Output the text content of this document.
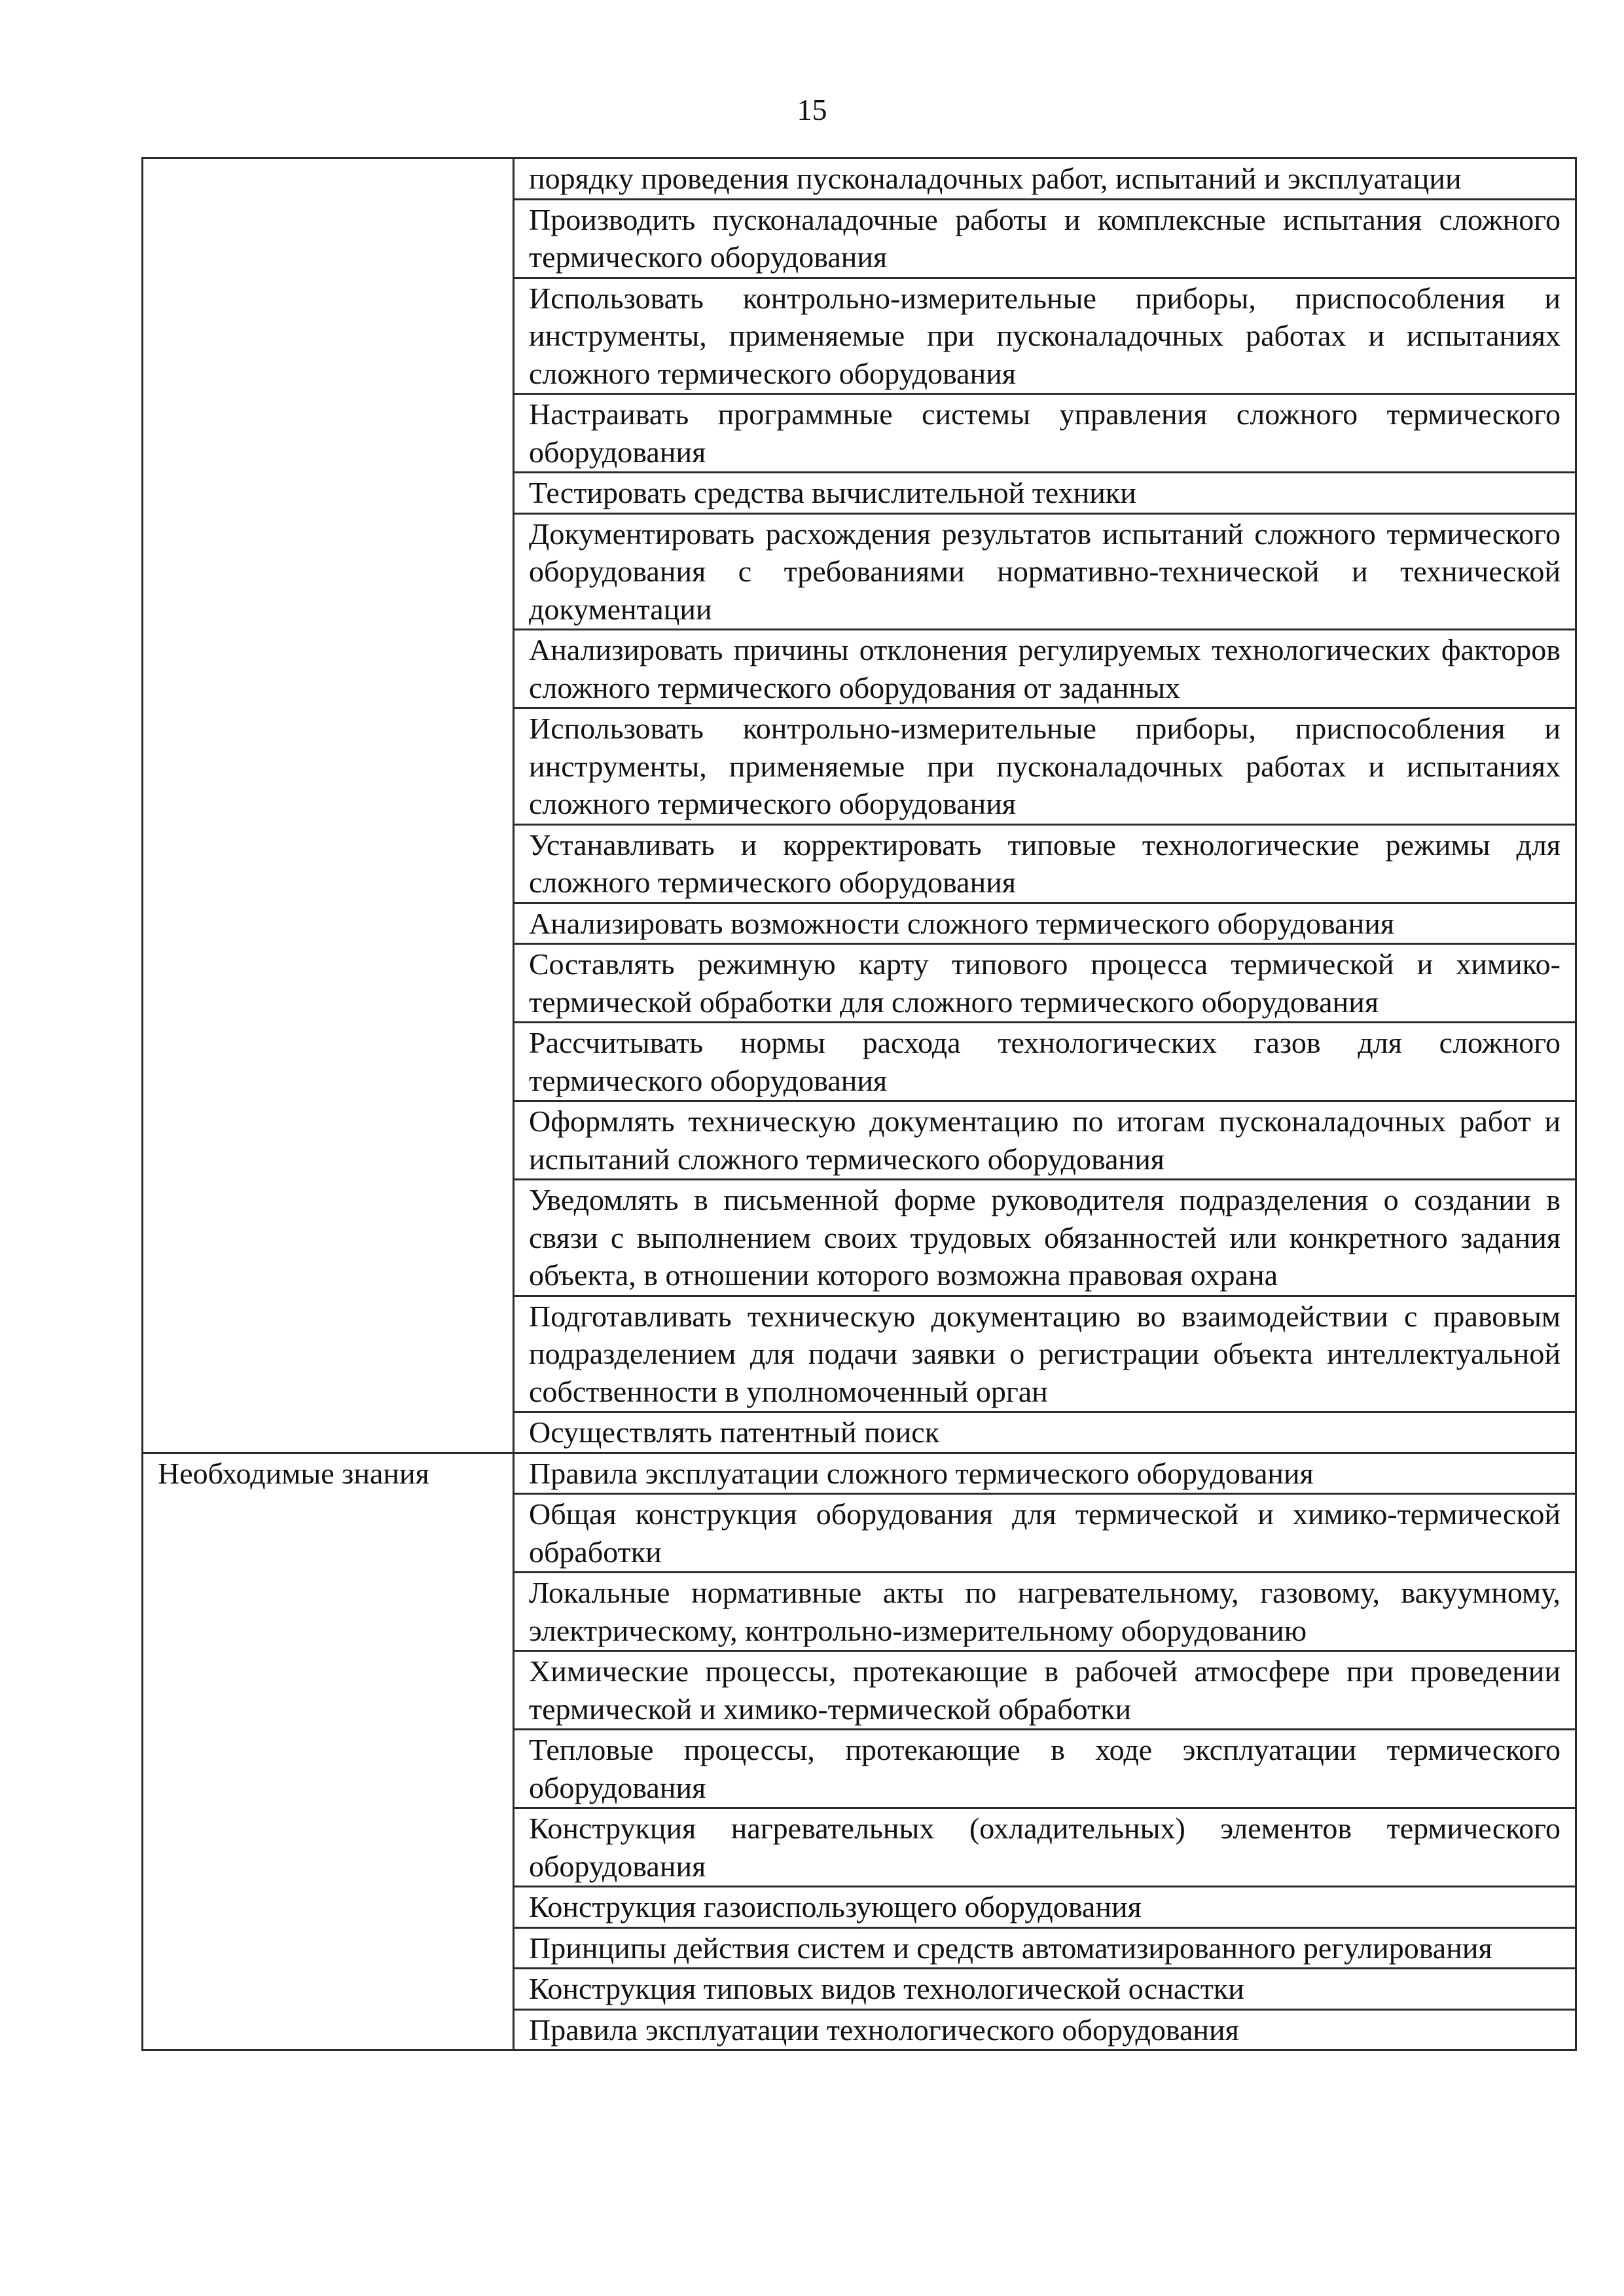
15
	порядку проведения пусконаладочных работ, испытаний и эксплуатации
	Производить пусконаладочные работы и комплексные испытания сложного термического оборудования
	Использовать контрольно-измерительные приборы, приспособления и инструменты, применяемые при пусконаладочных работах и испытаниях сложного термического оборудования
	Настраивать программные системы управления сложного термического оборудования
	Тестировать средства вычислительной техники
	Документировать расхождения результатов испытаний сложного термического оборудования с требованиями нормативно-технической и технической документации
	Анализировать причины отклонения регулируемых технологических факторов сложного термического оборудования от заданных
	Использовать контрольно-измерительные приборы, приспособления и инструменты, применяемые при пусконаладочных работах и испытаниях сложного термического оборудования
	Устанавливать и корректировать типовые технологические режимы для сложного термического оборудования
	Анализировать возможности сложного термического оборудования
	Составлять режимную карту типового процесса термической и химико-термической обработки для сложного термического оборудования
	Рассчитывать нормы расхода технологических газов для сложного термического оборудования
	Оформлять техническую документацию по итогам пусконаладочных работ и испытаний сложного термического оборудования
	Уведомлять в письменной форме руководителя подразделения о создании в связи с выполнением своих трудовых обязанностей или конкретного задания объекта, в отношении которого возможна правовая охрана
	Подготавливать техническую документацию во взаимодействии с правовым подразделением для подачи заявки о регистрации объекта интеллектуальной собственности в уполномоченный орган
	Осуществлять патентный поиск
Необходимые знания	Правила эксплуатации сложного термического оборудования
	Общая конструкция оборудования для термической и химико-термической обработки
	Локальные нормативные акты по нагревательному, газовому, вакуумному, электрическому, контрольно-измерительному оборудованию
	Химические процессы, протекающие в рабочей атмосфере при проведении термической и химико-термической обработки
	Тепловые процессы, протекающие в ходе эксплуатации термического оборудования
	Конструкция нагревательных (охладительных) элементов термического оборудования
	Конструкция газоиспользующего оборудования
	Принципы действия систем и средств автоматизированного регулирования
	Конструкция типовых видов технологической оснастки
	Правила эксплуатации технологического оборудования
